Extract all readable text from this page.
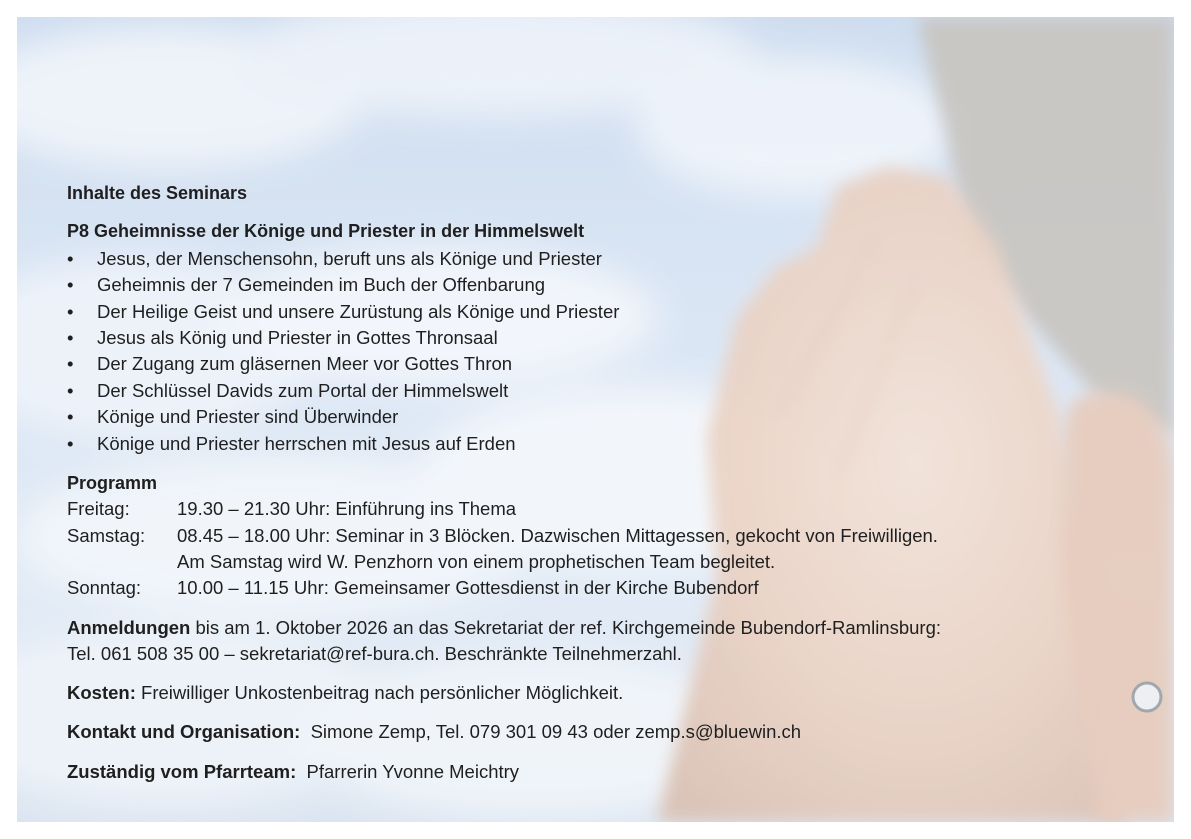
Inhalte des Seminars
P8 Geheimnisse der Könige und Priester in der Himmelswelt
• Jesus, der Menschensohn, beruft uns als Könige und Priester
• Geheimnis der 7 Gemeinden im Buch der Offenbarung
• Der Heilige Geist und unsere Zurüstung als Könige und Priester
• Jesus als König und Priester in Gottes Thronsaal
• Der Zugang zum gläsernen Meer vor Gottes Thron
• Der Schlüssel Davids zum Portal der Himmelswelt
• Könige und Priester sind Überwinder
• Könige und Priester herrschen mit Jesus auf Erden
Programm
Freitag:	19.30 – 21.30 Uhr: Einführung ins Thema
Samstag: 08.45 – 18.00 Uhr: Seminar in 3 Blöcken. Dazwischen Mittagessen, gekocht von Freiwilligen.
Am Samstag wird W. Penzhorn von einem prophetischen Team begleitet.
Sonntag: 10.00 – 11.15 Uhr: Gemeinsamer Gottesdienst in der Kirche Bubendorf
Anmeldungen bis am 1. Oktober 2026 an das Sekretariat der ref. Kirchgemeinde Bubendorf-Ramlinsburg:
Tel. 061 508 35 00 – sekretariat@ref-bura.ch. Beschränkte Teilnehmerzahl.
Kosten: Freiwilliger Unkostenbeitrag nach persönlicher Möglichkeit.
Kontakt und Organisation:  Simone Zemp, Tel. 079 301 09 43 oder zemp.s@bluewin.ch
Zuständig vom Pfarrteam:  Pfarrerin Yvonne Meichtry
